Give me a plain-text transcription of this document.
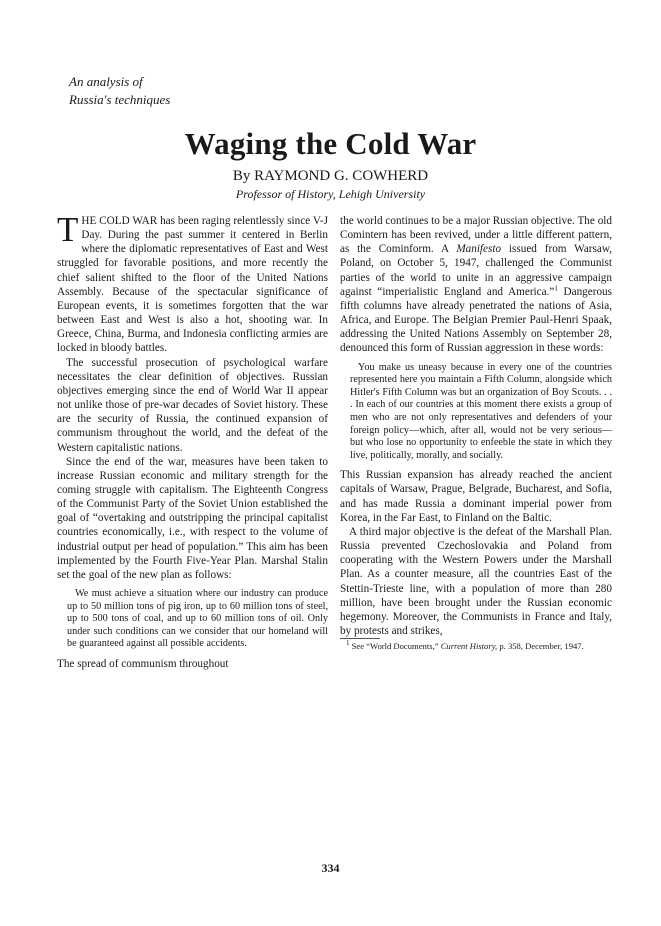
An analysis of
Russia's techniques
Waging the Cold War
By RAYMOND G. COWHERD
Professor of History, Lehigh University

THE COLD WAR has been raging relentlessly since V-J Day. During the past summer it centered in Berlin where the diplomatic representatives of East and West struggled for favorable positions, and more recently the chief salient shifted to the floor of the United Nations Assembly. Because of the spectacular significance of European events, it is sometimes forgotten that the war between East and West is also a hot, shooting war. In Greece, China, Burma, and Indonesia conflicting armies are locked in bloody battles.

The successful prosecution of psychological warfare necessitates the clear definition of objectives. Russian objectives emerging since the end of World War II appear not unlike those of pre-war decades of Soviet history. These are the security of Russia, the continued expansion of communism throughout the world, and the defeat of the Western capitalistic nations.

Since the end of the war, measures have been taken to increase Russian economic and military strength for the coming struggle with capitalism. The Eighteenth Congress of the Communist Party of the Soviet Union established the goal of “overtaking and outstripping the principal capitalist countries economically, i.e., with respect to the volume of industrial output per head of population.” This aim has been implemented by the Fourth Five-Year Plan. Marshal Stalin set the goal of the new plan as follows:

We must achieve a situation where our industry can produce up to 50 million tons of pig iron, up to 60 million tons of steel, up to 500 tons of coal, and up to 60 million tons of oil. Only under such conditions can we consider that our homeland will be guaranteed against all possible accidents.

The spread of communism throughout

the world continues to be a major Russian objective. The old Comintern has been revived, under a little different pattern, as the Cominform. A Manifesto issued from Warsaw, Poland, on October 5, 1947, challenged the Communist parties of the world to unite in an aggressive campaign against “imperialistic England and America.”$^1$ Dangerous fifth columns have already penetrated the nations of Asia, Africa, and Europe. The Belgian Premier Paul-Henri Spaak, addressing the United Nations Assembly on September 28, denounced this form of Russian aggression in these words:

You make us uneasy because in every one of the countries represented here you maintain a Fifth Column, alongside which Hitler's Fifth Column was but an organization of Boy Scouts. . . . In each of our countries at this moment there exists a group of men who are not only representatives and defenders of your foreign policy—which, after all, would not be very serious—but who lose no opportunity to enfeeble the state in which they live, politically, morally, and socially.

This Russian expansion has already reached the ancient capitals of Warsaw, Prague, Belgrade, Bucharest, and Sofia, and has made Russia a dominant imperial power from Korea, in the Far East, to Finland on the Baltic.

A third major objective is the defeat of the Marshall Plan. Russia prevented Czechoslovakia and Poland from cooperating with the Western Powers under the Marshall Plan. As a counter measure, all the countries East of the Stettin-Trieste line, with a population of more than 280 million, have been brought under the Russian economic hegemony. Moreover, the Communists in France and Italy, by protests and strikes,

$^1$ See “World Documents,” Current History, p. 358, December, 1947.
334
